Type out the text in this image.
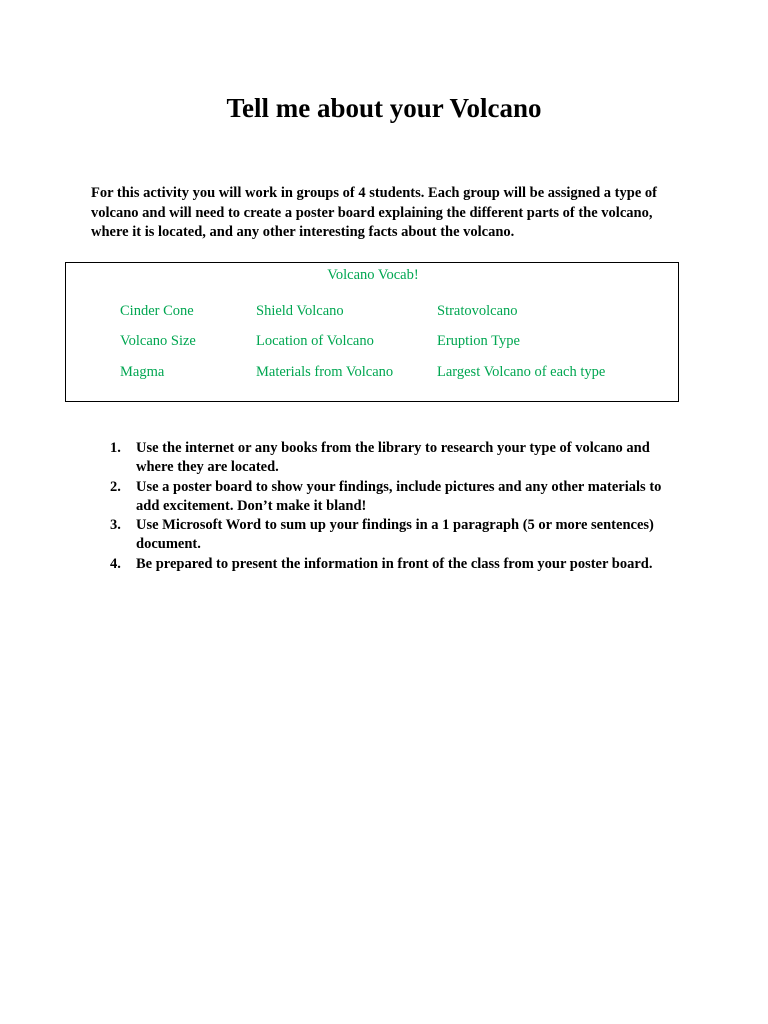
Tell me about your Volcano

For this activity you will work in groups of 4 students. Each group will be assigned a type of volcano and will need to create a poster board explaining the different parts of the volcano, where it is located, and any other interesting facts about the volcano.

Volcano Vocab!
Cinder Cone	Shield Volcano	Stratovolcano
Volcano Size	Location of Volcano	Eruption Type
Magma	Materials from Volcano	Largest Volcano of each type
1.	Use the internet or any books from the library to research your type of volcano and where they are located.
2.	Use a poster board to show your findings, include pictures and any other materials to add excitement. Don’t make it bland!
3.	Use Microsoft Word to sum up your findings in a 1 paragraph (5 or more sentences) document.
4.	Be prepared to present the information in front of the class from your poster board.
